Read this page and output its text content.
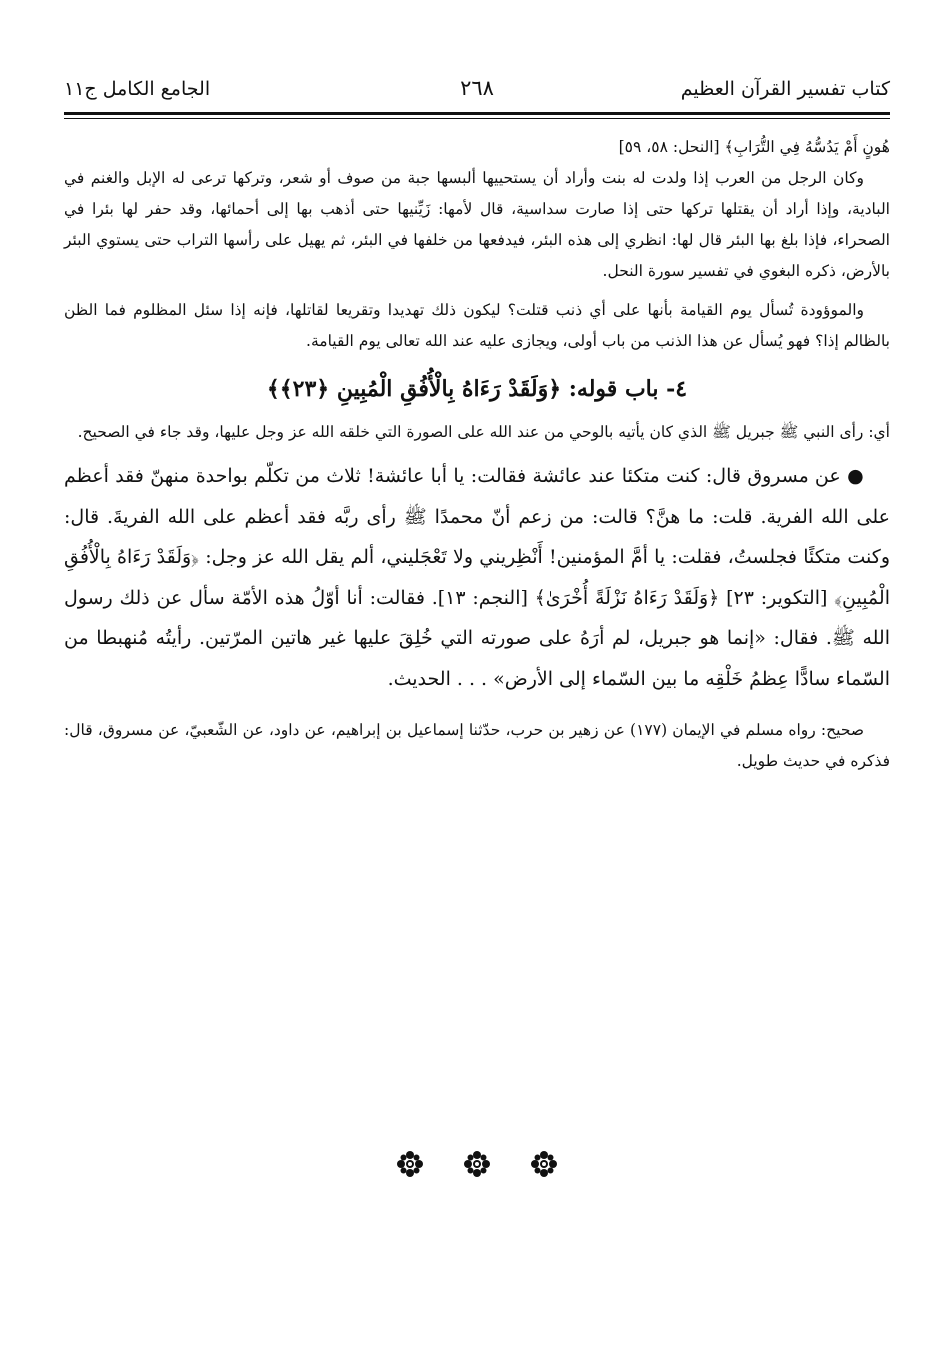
كتاب تفسير القرآن العظيم
٢٦٨
الجامع الكامل ج١١

هُونٍ أَمْ يَدُسُّهُ فِي التُّرَابِ﴾ [النحل: ٥٨، ٥٩]

وكان الرجل من العرب إذا ولدت له بنت وأراد أن يستحييها ألبسها جبة من صوف أو شعر، وتركها ترعى له الإبل والغنم في البادية، وإذا أراد أن يقتلها تركها حتى إذا صارت سداسية، قال لأمها: زَيِّنيها حتى أذهب بها إلى أحمائها، وقد حفر لها بئرا في الصحراء، فإذا بلغ بها البئر قال لها: انظري إلى هذه البئر، فيدفعها من خلفها في البئر، ثم يهيل على رأسها التراب حتى يستوي البئر بالأرض، ذكره البغوي في تفسير سورة النحل.

والموؤودة تُسأل يوم القيامة بأنها على أي ذنب قتلت؟ ليكون ذلك تهديدا وتقريعا لقاتلها، فإنه إذا سئل المظلوم فما الظن بالظالم إذا؟ فهو يُسأل عن هذا الذنب من باب أولى، ويجازى عليه عند الله تعالى يوم القيامة.

٤- باب قوله: ﴿وَلَقَدْ رَءَاهُ بِالْأُفُقِ الْمُبِينِ ﴿٢٣﴾﴾

أي: رأى النبي ﷺ جبريل ﷺ الذي كان يأتيه بالوحي من عند الله على الصورة التي خلقه الله عز وجل عليها، وقد جاء في الصحيح.

● عن مسروق قال: كنت متكئا عند عائشة فقالت: يا أبا عائشة! ثلاث من تكلّم بواحدة منهنّ فقد أعظم على الله الفرية. قلت: ما هنَّ؟ قالت: من زعم أنّ محمدًا ﷺ رأى ربَّه فقد أعظم على الله الفريةَ. قال: وكنت متكئًا فجلستُ، فقلت: يا أمَّ المؤمنين! أَنْظِريني ولا تَعْجَليني، ألم يقل الله عز وجل: ﴿وَلَقَدْ رَءَاهُ بِالْأُفُقِ الْمُبِينِ﴾ [التكوير: ٢٣] ﴿وَلَقَدْ رَءَاهُ نَزْلَةً أُخْرَىٰ﴾ [النجم: ١٣]. فقالت: أنا أوّلُ هذه الأمّة سأل عن ذلك رسول الله ﷺ. فقال: «إنما هو جبريل، لم أرَهُ على صورته التي خُلِقَ عليها غير هاتين المرّتين. رأيتُه مُنهبطا من السّماء سادًّا عِظمُ خَلْقِه ما بين السّماء إلى الأرض» . . . الحديث.

صحيح: رواه مسلم في الإيمان (١٧٧) عن زهير بن حرب، حدّثنا إسماعيل بن إبراهيم، عن داود، عن الشّعبيّ، عن مسروق، قال: فذكره في حديث طويل.
